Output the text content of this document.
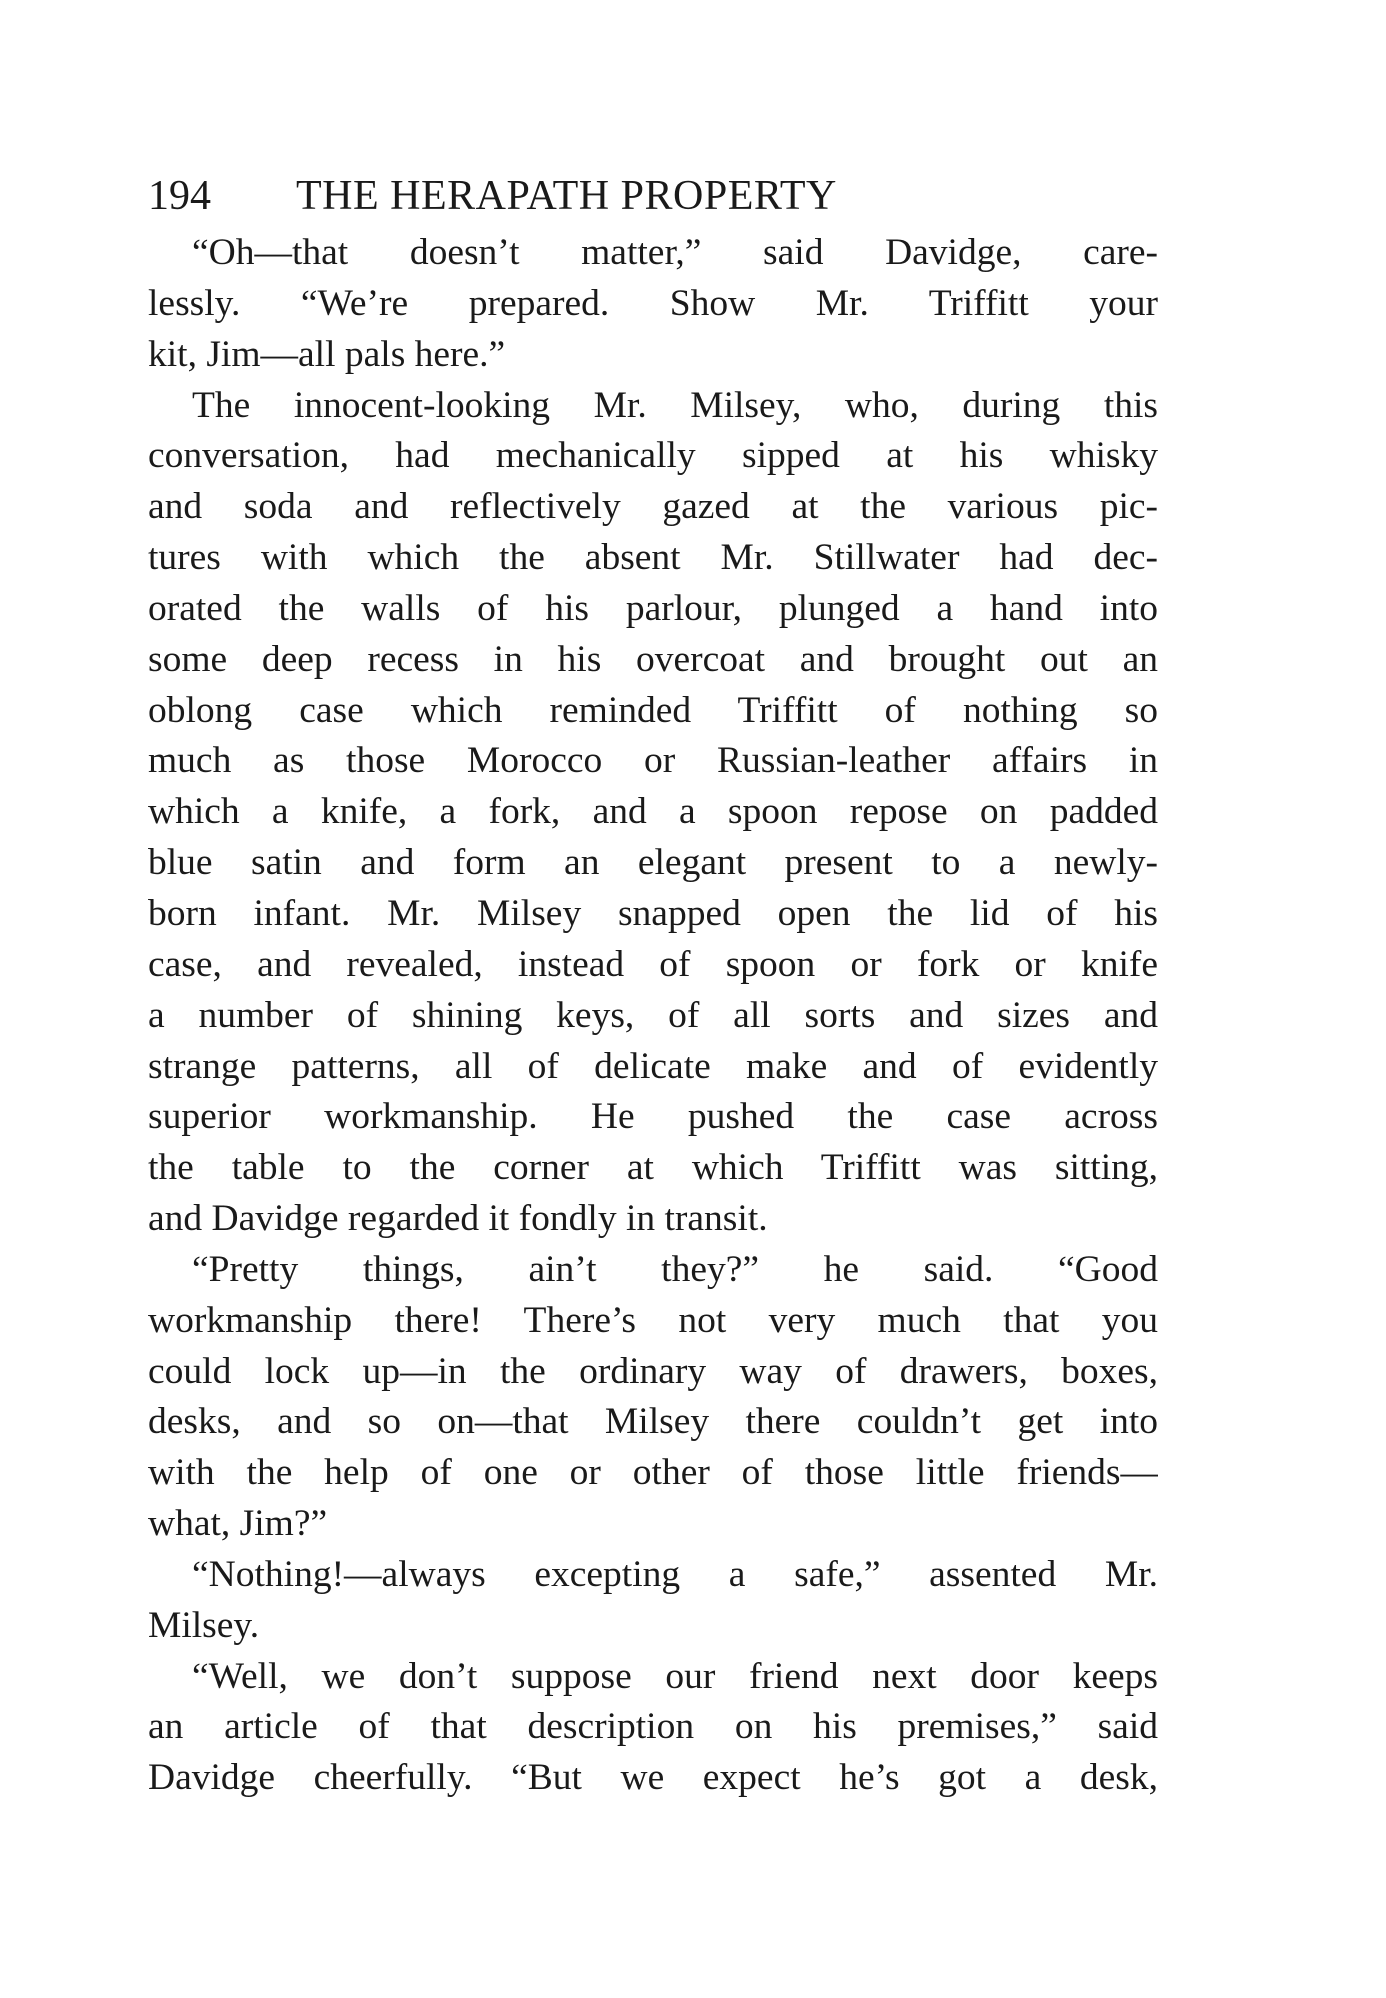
194 THE HERAPATH PROPERTY
“Oh—that doesn’t matter,” said Davidge, care-
lessly. “We’re prepared. Show Mr. Triffitt your
kit, Jim—all pals here.”
The innocent-looking Mr. Milsey, who, during this
conversation, had mechanically sipped at his whisky
and soda and reflectively gazed at the various pic-
tures with which the absent Mr. Stillwater had dec-
orated the walls of his parlour, plunged a hand into
some deep recess in his overcoat and brought out an
oblong case which reminded Triffitt of nothing so
much as those Morocco or Russian-leather affairs in
which a knife, a fork, and a spoon repose on padded
blue satin and form an elegant present to a newly-
born infant. Mr. Milsey snapped open the lid of his
case, and revealed, instead of spoon or fork or knife
a number of shining keys, of all sorts and sizes and
strange patterns, all of delicate make and of evidently
superior workmanship. He pushed the case across
the table to the corner at which Triffitt was sitting,
and Davidge regarded it fondly in transit.
“Pretty things, ain’t they?” he said. “Good
workmanship there! There’s not very much that you
could lock up—in the ordinary way of drawers, boxes,
desks, and so on—that Milsey there couldn’t get into
with the help of one or other of those little friends—
what, Jim?”
“Nothing!—always excepting a safe,” assented Mr.
Milsey.
“Well, we don’t suppose our friend next door keeps
an article of that description on his premises,” said
Davidge cheerfully. “But we expect he’s got a desk,
